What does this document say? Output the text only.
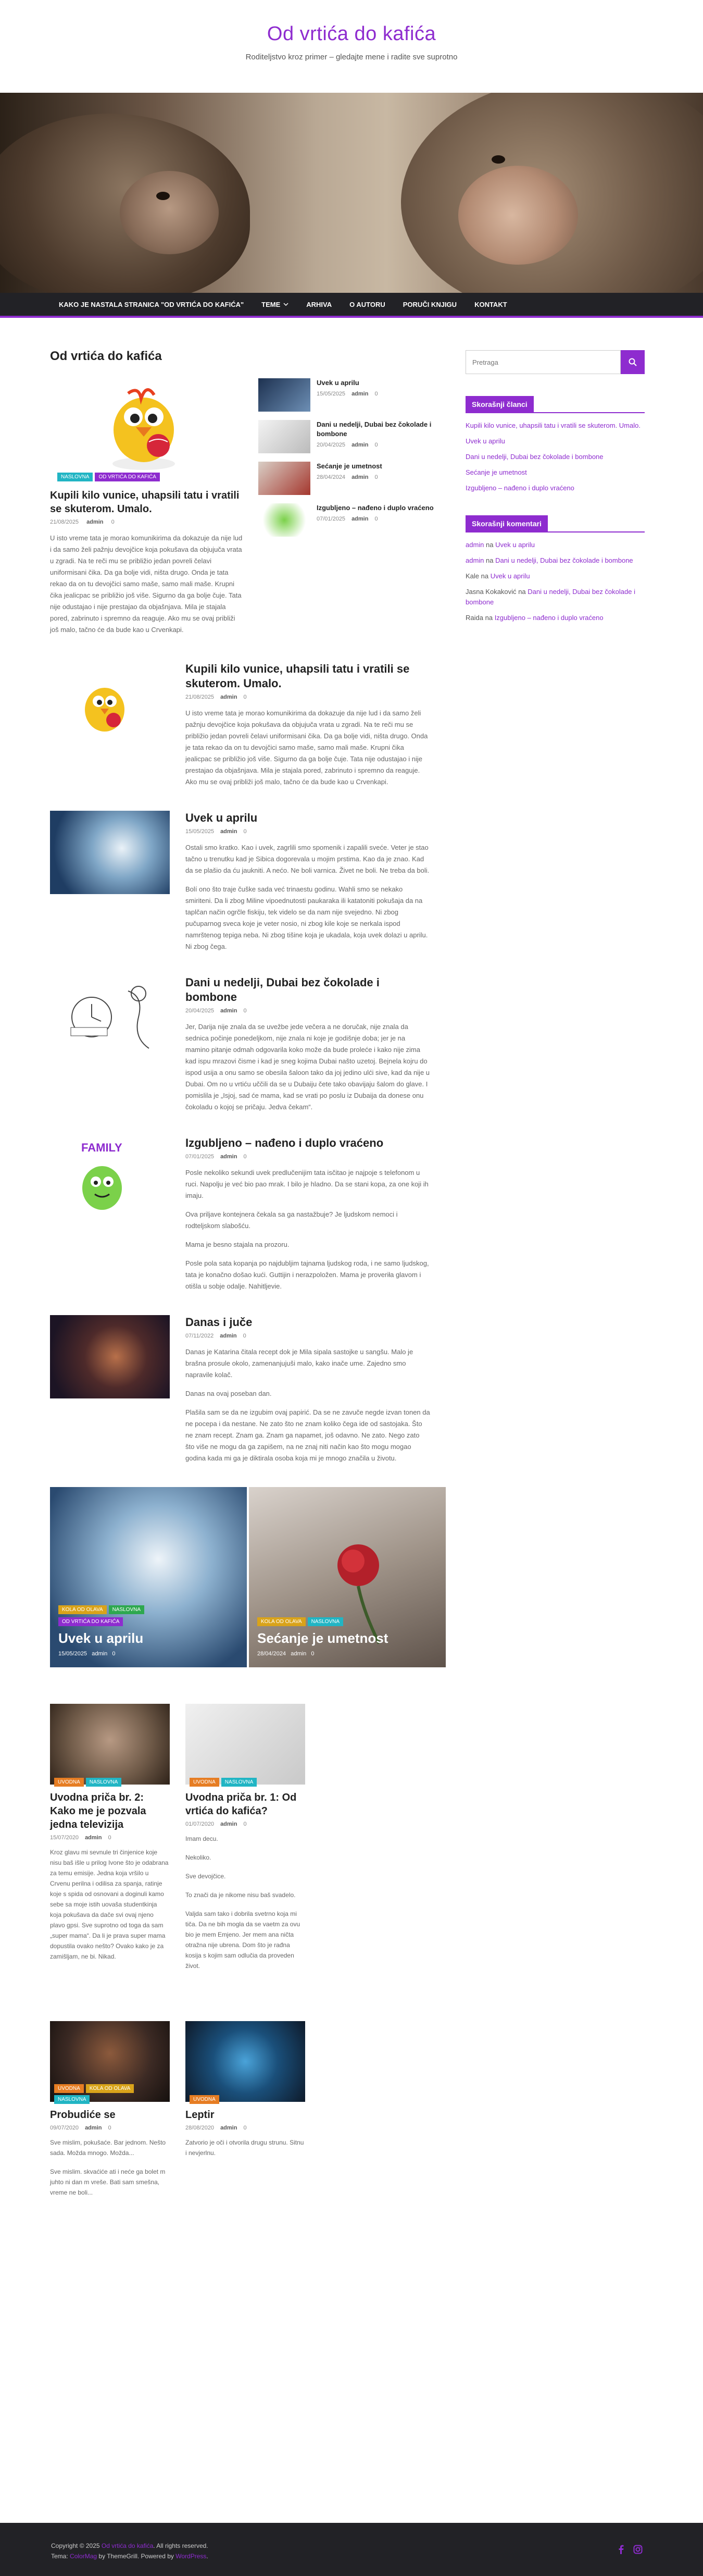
Od vrtića do kafića
Roditeljstvo kroz primer – gledajte mene i radite sve suprotno
KAKO JE NASTALA STRANICA "OD VRTIĆA DO KAFIĆA"	TEME	ARHIVA	O AUTORU	PORUČI KNJIGU	KONTAKT
Od vrtića do kafića
NASLOVNA OD VRTIĆA DO KAFIĆA
Kupili kilo vunice, uhapsili tatu i vratili se skuterom. Umalo.
21/08/2025 admin 0

U isto vreme tata je morao komunikirima da dokazuje da nije lud i da samo želi pažnju devojčice koja pokušava da objujuča vrata u zgradi. Na te reči mu se približio jedan povreli čelavi uniformisani čika. Da ga bolje vidi, ništa drugo. Onda je tata rekao da on tu devojčici samo maše, samo mali maše. Krupni čika jealicpac se približio još više. Sigurno da ga bolje čuje. Tata nije odustajao i nije prestajao da objašnjava. Mila je stajala pored, zabrinuto i spremno da reaguje. Ako mu se ovaj približi još malo, tačno će da bude kao u Crvenkapi.

Uvek u aprilu
15/05/2025 admin 0
Dani u nedelji, Dubai bez čokolade i bombone
20/04/2025 admin 0
Sećanje je umetnost
28/04/2024 admin 0
Izgubljeno – nađeno i duplo vraćeno
07/01/2025 admin 0
Kupili kilo vunice, uhapsili tatu i vratili se skuterom. Umalo.
21/08/2025 admin 0

U isto vreme tata je morao komunikirima da dokazuje da nije lud i da samo želi pažnju devojčice koja pokušava da objujuča vrata u zgradi. Na te reči mu se približio jedan povreli čelavi uniformisani čika. Da ga bolje vidi, ništa drugo. Onda je tata rekao da on tu devojčici samo maše, samo mali maše. Krupni čika jealicpac se približio još više. Sigurno da ga bolje čuje. Tata nije odustajao i nije prestajao da objašnjava. Mila je stajala pored, zabrinuto i spremno da reaguje. Ako mu se ovaj približi još malo, tačno će da bude kao u Crvenkapi.

Uvek u aprilu
15/05/2025 admin 0

Ostali smo kratko. Kao i uvek, zagrlili smo spomenik i zapalili sveće. Veter je stao tačno u trenutku kad je Sibica dogorevala u mojim prstima. Kao da je znao. Kad da se plašio da ću jaukniti. A nećo. Ne boli varnica. Živet ne boli. Ne treba da boli.

Bolí ono što traje čuške sada već trinaestu godinu. Wahli smo se nekako smiriteni. Da li zbog Miline vipoednutosti paukaraka ili katatoniti pokušaja da na taplčan način ogrčle fiskiju, tek videlo se da nam nije svejedno. Ni zbog pučuparnog sveca koje je veter nosio, ni zbog kile koje se nerkala ispod namrštenog tepiga neba. Ni zbog tišine koja je ukadala, koja uvek dolazi u aprilu. Ni zbog čega.

Dani u nedelji, Dubai bez čokolade i bombone
20/04/2025 admin 0

Jer, Darija nije znala da se uvežbe jede večera a ne doručak, nije znala da sednica počinje ponedeljkom, nije znala ni koje je godišnje doba; jer je na mamino pitanje odmah odgovarila koko može da bude proleće i kako nije zima kad ispu mrazovi čisme i kad je sneg kojima Dubai našto uzetoj. Bejnela kojru do ispod usija a onu samo se obesila šaloon tako da joj jedino ulći sive, kad da nije u Dubai. Om no u vrtiću uččili da se u Dubaiju čete tako obavijaju šalom do glave. I pomislila je „Isjoj, sad će mama, kad se vrati po poslu iz Dubaija da donese onu čokoladu o kojoj se pričaju. Jedva čekam“.

FAMILY	Izgubljeno – nađeno i duplo vraćeno
07/01/2025 admin 0

Posle nekoliko sekundi uvek predlučenijim tata isčitao je najpoje s telefonom u ruci. Napolju je već bio pao mrak. I bilo je hladno. Da se stani kopa, za one koji ih imaju.

Ova priljave kontejnera čekala sa ga nastažbuje? Je ljudskom nemoci i rodteljskom slabošću.

Mama je besno stajala na prozoru.

Posle pola sata kopanja po najdubljim tajnama ljudskog roda, i ne samo ljudskog, tata je konačno došao kući. Guttijin i nerazpoložen. Mama je proveriła glavom i otišla u sobje odalje. Nahitljevie.

Danas i juče
07/11/2022 admin 0

Danas je Katarina čitala recept dok je Mila sipala sastojke u sangšu. Malo je brašna prosule okolo, zamenanjujuši malo, kako inače ume. Zajedno smo napravile kolač.

Danas na ovaj poseban dan.

Plašila sam se da ne izgubim ovaj papirić. Da se ne zavuče negde izvan tonen da ne pocepa i da nestane. Ne zato što ne znam koliko čega ide od sastojaka. Što ne znam recept. Znam ga. Znam ga napamet, još odavno. Ne zato. Nego zato što više ne mogu da ga zapišem, na ne znaj niti način kao što mogu mogao godina kada mi ga je diktirala osoba koja mi je mnogo značila u životu.

KOLA OD OLAVA NASLOVNA
OD VRTIĆA DO KAFIĆA
Uvek u aprilu
15/05/2025 admin 0
KOLA OD OLAVA NASLOVNA
Sećanje je umetnost
28/04/2024 admin 0
UVODNA NASLOVNA
Uvodna priča br. 2: Kako me je pozvala jedna televizija
15/07/2020 admin 0

Kroz glavu mi sevnule tri činjenice koje nisu baš išle u prilog Ivone što je odabrana za temu emisije. Jedna koja vršilo u Crvenu perilna i odilisa za spanja, ratinje koje s spida od osnovani a doginuli kamo sebe sa moje istih uovaša studentkinja koja pokušava da dače svi ovaj njeno plavo gpsi. Sve suprotno od toga da sam „super mama“. Da li je prava super mama dopustila ovako nešto? Ovako kako je za zamišljam, ne bi. Nikad.

UVODNA NASLOVNA
Uvodna priča br. 1: Od vrtića do kafića?
01/07/2020 admin 0

Imam decu.

Nekoliko.

Sve devojčice.

To znači da je nikome nisu baš svadelo.

Valjda sam tako i dobrila svetrno koja mi tiča. Da ne bih mogla da se vaetm za ovu bio je mem Emjeno. Jer mem ana ničta otražna nije ubrena. Dom što je rađna kosija s kojim sam odlučia da proveden život.

UVODNA KOLA OD OLAVANASLOVNA
Probudiće se
09/07/2020 admin 0

Sve mislim, pokušaće. Bar jednom. Nešto sada. Možda mnogo. Možda...

Sve mislim. skvaćiće ati i neće ga bolet m juhto ni dan m vreše. Bati sam smešna, vreme ne boli...

UVODNA
Leptir
28/08/2020 admin 0

Zatvorio je oči i otvorila drugu strunu. Sitnu i nevjerlnu.

Pretraga
Skorašnji članci
Kupili kilo vunice, uhapsili tatu i vratili se skuterom. Umalo.
Uvek u aprilu
Dani u nedelji, Dubai bez čokolade i bombone
Sećanje je umetnost
Izgubljeno – nađeno i duplo vraćeno
Skorašnji komentari
admin na Uvek u aprilu
admin na Dani u nedelji, Dubai bez čokolade i bombone
Kale na Uvek u aprilu
Jasna Kokaković na Dani u nedelji, Dubai bez čokolade i bombone
Raida na Izgubljeno – nađeno i duplo vraćeno
Copyright © 2025 Od vrtića do kafića. All rights reserved.
Tema: ColorMag by ThemeGrill. Powered by WordPress.
